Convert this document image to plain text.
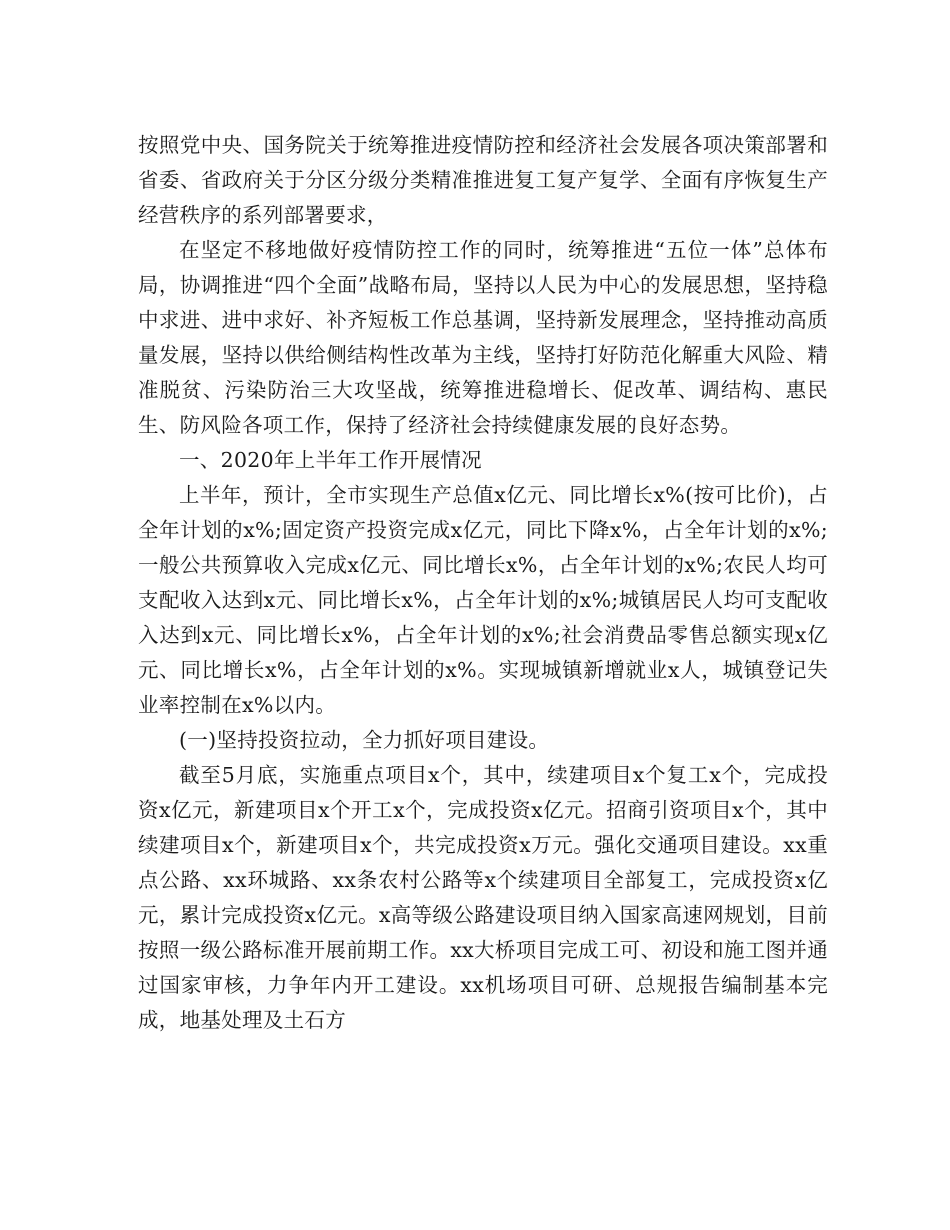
按照党中央、国务院关于统筹推进疫情防控和经济社会发展各项决策部署和省委、省政府关于分区分级分类精准推进复工复产复学、全面有序恢复生产经营秩序的系列部署要求，

在坚定不移地做好疫情防控工作的同时，统筹推进“五位一体”总体布局，协调推进“四个全面”战略布局，坚持以人民为中心的发展思想，坚持稳中求进、进中求好、补齐短板工作总基调，坚持新发展理念，坚持推动高质量发展，坚持以供给侧结构性改革为主线，坚持打好防范化解重大风险、精准脱贫、污染防治三大攻坚战，统筹推进稳增长、促改革、调结构、惠民生、防风险各项工作，保持了经济社会持续健康发展的良好态势。

一、2020年上半年工作开展情况

上半年，预计，全市实现生产总值x亿元、同比增长x%(按可比价)，占全年计划的x%;固定资产投资完成x亿元，同比下降x%，占全年计划的x%;一般公共预算收入完成x亿元、同比增长x%，占全年计划的x%;农民人均可支配收入达到x元、同比增长x%，占全年计划的x%;城镇居民人均可支配收入达到x元、同比增长x%，占全年计划的x%;社会消费品零售总额实现x亿元、同比增长x%，占全年计划的x%。实现城镇新增就业x人，城镇登记失业率控制在x%以内。

(一)坚持投资拉动，全力抓好项目建设。

截至5月底，实施重点项目x个，其中，续建项目x个复工x个，完成投资x亿元，新建项目x个开工x个，完成投资x亿元。招商引资项目x个，其中续建项目x个，新建项目x个，共完成投资x万元。强化交通项目建设。xx重点公路、xx环城路、xx条农村公路等x个续建项目全部复工，完成投资x亿元，累计完成投资x亿元。x高等级公路建设项目纳入国家高速网规划，目前按照一级公路标准开展前期工作。xx大桥项目完成工可、初设和施工图并通过国家审核，力争年内开工建设。xx机场项目可研、总规报告编制基本完成，地基处理及土石方
